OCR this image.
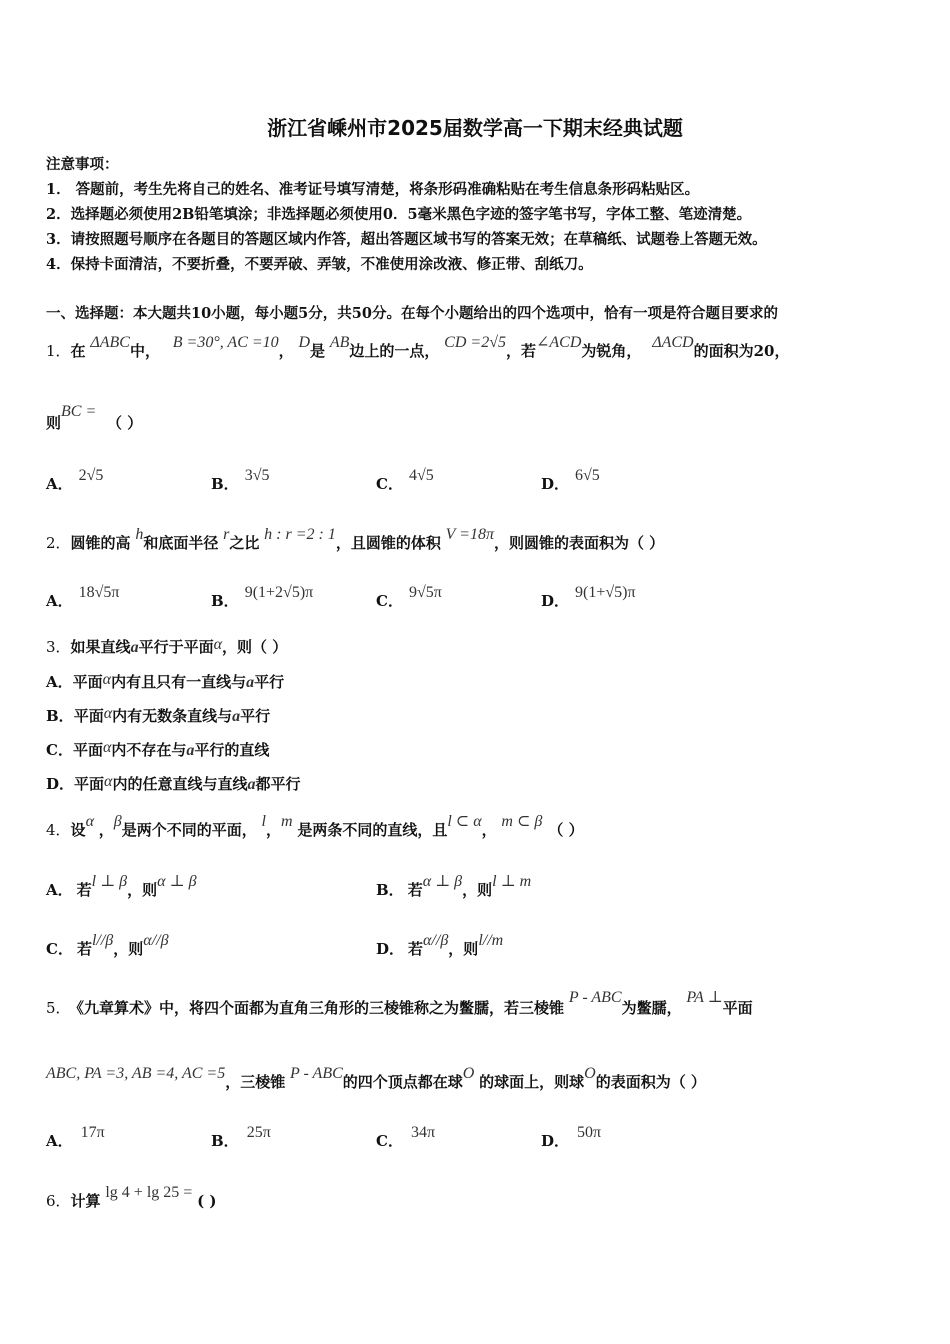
浙江省嵊州市2025届数学高一下期末经典试题
注意事项：
1． 答题前，考生先将自己的姓名、准考证号填写清楚，将条形码准确粘贴在考生信息条形码粘贴区。
2．选择题必须使用2B铅笔填涂；非选择题必须使用0．5毫米黑色字迹的签字笔书写，字体工整、笔迹清楚。
3．请按照题号顺序在各题目的答题区域内作答，超出答题区域书写的答案无效；在草稿纸、试题卷上答题无效。
4．保持卡面清洁，不要折叠，不要弄破、弄皱，不准使用涂改液、修正带、刮纸刀。
一、选择题：本大题共10小题，每小题5分，共50分。在每个小题给出的四个选项中，恰有一项是符合题目要求的
1．在 ΔABC中， B =30°, AC =10， D是 AB边上的一点， CD =2√5，若∠ACD为锐角， ΔACD的面积为20，
则BC = （ ）
A． 2√5	B． 3√5	C． 4√5	D． 6√5
2．圆锥的高 h和底面半径 r之比 h : r =2 : 1，且圆锥的体积 V =18π，则圆锥的表面积为（ ）
A． 18√5π	B． 9(1+2√5)π	C． 9√5π	D． 9(1+√5)π
3．如果直线a平行于平面α，则（ ）
A．平面α内有且只有一直线与a平行
B．平面α内有无数条直线与a平行
C．平面α内不存在与a平行的直线
D．平面α内的任意直线与直线a都平行
4．设α ，β是两个不同的平面， l，m 是两条不同的直线，且l ⊂ α， m ⊂ β （ ）
A． 若l ⊥ β，则α ⊥ β	B． 若α ⊥ β，则l ⊥ m
C． 若l//β，则α//β	D． 若α//β，则l//m
5． 《九章算术》中，将四个面都为直角三角形的三棱锥称之为鳖臑，若三棱锥 P - ABC为鳖臑， PA ⊥平面
ABC, PA =3, AB =4, AC =5，三棱锥 P - ABC的四个顶点都在球O 的球面上，则球O的表面积为（ ）
A． 17π	B． 25π	C． 34π	D． 50π
6．计算 lg 4 + lg 25 = ( )
